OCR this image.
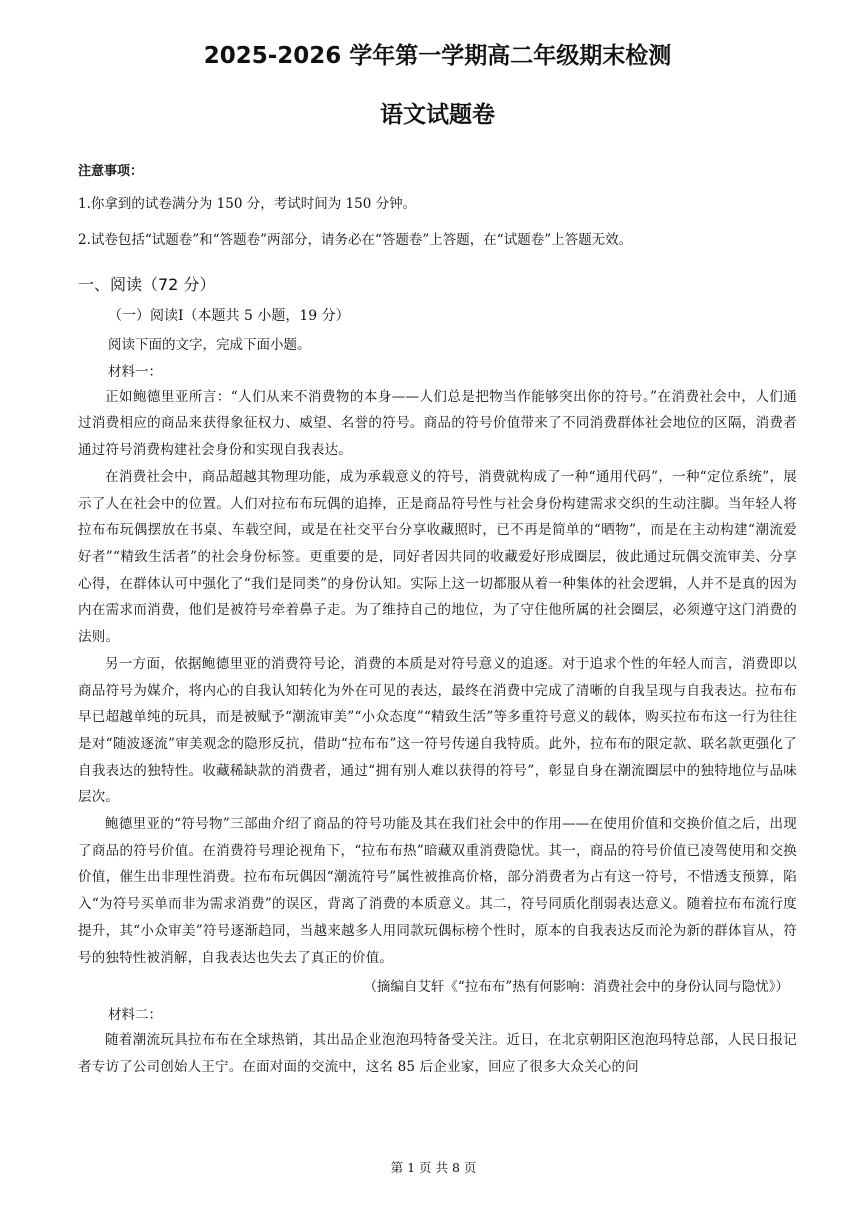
2025-2026 学年第一学期高二年级期末检测
语文试题卷
注意事项：
1.你拿到的试卷满分为 150 分，考试时间为 150 分钟。
2.试卷包括“试题卷”和“答题卷”两部分，请务必在“答题卷”上答题，在“试题卷”上答题无效。
一、阅读（72 分）
（一）阅读Ⅰ（本题共 5 小题，19 分）
阅读下面的文字，完成下面小题。
材料一：

正如鲍德里亚所言：“人们从来不消费物的本身——人们总是把物当作能够突出你的符号。”在消费社会中，人们通过消费相应的商品来获得象征权力、威望、名誉的符号。商品的符号价值带来了不同消费群体社会地位的区隔，消费者通过符号消费构建社会身份和实现自我表达。

在消费社会中，商品超越其物理功能，成为承载意义的符号，消费就构成了一种“通用代码”，一种“定位系统”，展示了人在社会中的位置。人们对拉布布玩偶的追捧，正是商品符号性与社会身份构建需求交织的生动注脚。当年轻人将拉布布玩偶摆放在书桌、车载空间，或是在社交平台分享收藏照时，已不再是简单的“晒物”，而是在主动构建“潮流爱好者”“精致生活者”的社会身份标签。更重要的是，同好者因共同的收藏爱好形成圈层，彼此通过玩偶交流审美、分享心得，在群体认可中强化了“我们是同类”的身份认知。实际上这一切都服从着一种集体的社会逻辑，人并不是真的因为内在需求而消费，他们是被符号牵着鼻子走。为了维持自己的地位，为了守住他所属的社会圈层，必须遵守这门消费的法则。

另一方面，依据鲍德里亚的消费符号论，消费的本质是对符号意义的追逐。对于追求个性的年轻人而言，消费即以商品符号为媒介，将内心的自我认知转化为外在可见的表达，最终在消费中完成了清晰的自我呈现与自我表达。拉布布早已超越单纯的玩具，而是被赋予“潮流审美”“小众态度”“精致生活”等多重符号意义的载体，购买拉布布这一行为往往是对“随波逐流”审美观念的隐形反抗，借助“拉布布”这一符号传递自我特质。此外，拉布布的限定款、联名款更强化了自我表达的独特性。收藏稀缺款的消费者，通过“拥有别人难以获得的符号”，彰显自身在潮流圈层中的独特地位与品味层次。

鲍德里亚的“符号物”三部曲介绍了商品的符号功能及其在我们社会中的作用——在使用价值和交换价值之后，出现了商品的符号价值。在消费符号理论视角下，“拉布布热”暗藏双重消费隐忧。其一，商品的符号价值已凌驾使用和交换价值，催生出非理性消费。拉布布玩偶因“潮流符号”属性被推高价格，部分消费者为占有这一符号，不惜透支预算，陷入“为符号买单而非为需求消费”的误区，背离了消费的本质意义。其二，符号同质化削弱表达意义。随着拉布布流行度提升，其“小众审美”符号逐渐趋同，当越来越多人用同款玩偶标榜个性时，原本的自我表达反而沦为新的群体盲从，符号的独特性被消解，自我表达也失去了真正的价值。

（摘编自艾轩《“拉布布”热有何影响：消费社会中的身份认同与隐忧》）
材料二：

随着潮流玩具拉布布在全球热销，其出品企业泡泡玛特备受关注。近日，在北京朝阳区泡泡玛特总部，人民日报记者专访了公司创始人王宁。在面对面的交流中，这名 85 后企业家，回应了很多大众关心的问

第 1 页 共 8 页
